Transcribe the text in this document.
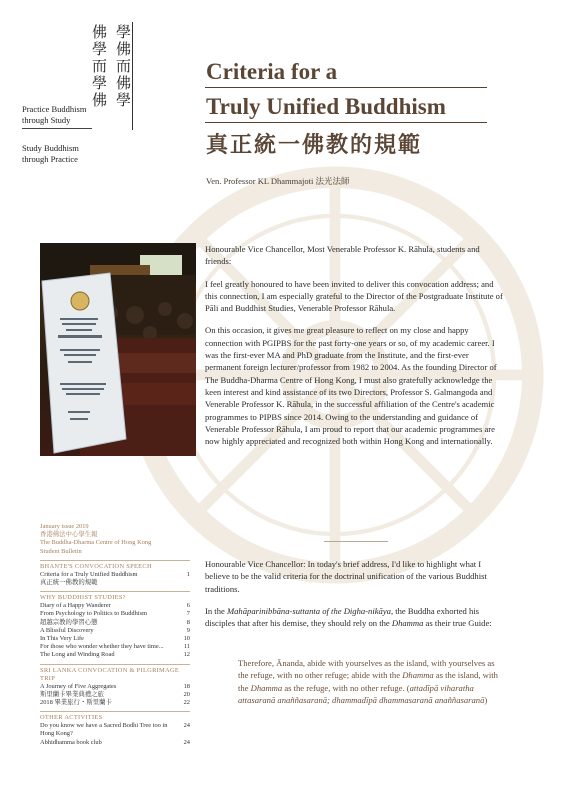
學佛而佛學
佛學而學佛
Practice Buddhism
through Study
Study Buddhism
through Practice
Criteria for a
Truly Unified Buddhism
真正統一佛教的規範
Ven. Professor KL Dhammajoti 法光法師

Honourable Vice Chancellor, Most Venerable Professor K. Rāhula, students and friends:

I feel greatly honoured to have been invited to deliver this convocation address; and this connection, I am especially grateful to the Director of the Postgraduate Institute of Pāli and Buddhist Studies, Venerable Professor Rāhula.

On this occasion, it gives me great pleasure to reflect on my close and happy connection with PGIPBS for the past forty-one years or so, of my academic career. I was the first-ever MA and PhD graduate from the Institute, and the first-ever permanent foreign lecturer/professor from 1982 to 2004. As the founding Director of The Buddha-Dharma Centre of Hong Kong, I must also gratefully acknowledge the keen interest and kind assistance of its two Directors, Professor S. Galmangoda and Venerable Professor K. Rāhula, in the successful affiliation of the Centre's academic programmes to PIPBS since 2014. Owing to the understanding and guidance of Venerable Professor Rāhula, I am proud to report that our academic programmes are now highly appreciated and recognized both within Hong Kong and internationally.

Honourable Vice Chancellor: In today's brief address, I'd like to highlight what I believe to be the valid criteria for the doctrinal unification of the various Buddhist traditions.

In the Mahāparinibbāna-suttanta of the Digha-nikāya, the Buddha exhorted his disciples that after his demise, they should rely on the Dhamma as their true Guide:

Therefore, Ānanda, abide with yourselves as the island, with yourselves as the refuge, with no other refuge; abide with the Dhamma as the island, with the Dhamma as the refuge, with no other refuge. (attadīpā viharatha attasaranā anaññasaranā; dhammadīpā dhammasaranā anaññasaranā)
January issue 2019
香港佛法中心學生報
The Buddha-Dharma Centre of Hong Kong
Student Bulletin
BHANTE'S CONVOCATION SPEECH
Criteria for a Truly Unified Buddhism	1
真正統一佛教的規範
WHY BUDDHIST STUDIES?
Diary of a Happy Wanderer	6
From Psychology to Politics to Buddhism	7
超越宗教的學習心態	8
A Blissful Discovery	9
In This Very Life	10
For those who wonder whether they have time...	11
The Long and Winding Road	12
SRI LANKA CONVOCATION & PILGRIMAGE TRIP
A Journey of Five Aggregates	18
斯里蘭卡畢業典禮之旅	20
2018 畢業旅行・斯里蘭卡	22
OTHER ACTIVITIES
Do you know we have a Sacred Bodhi Tree too in Hong Kong?
24
Abhidhamma book club	24
